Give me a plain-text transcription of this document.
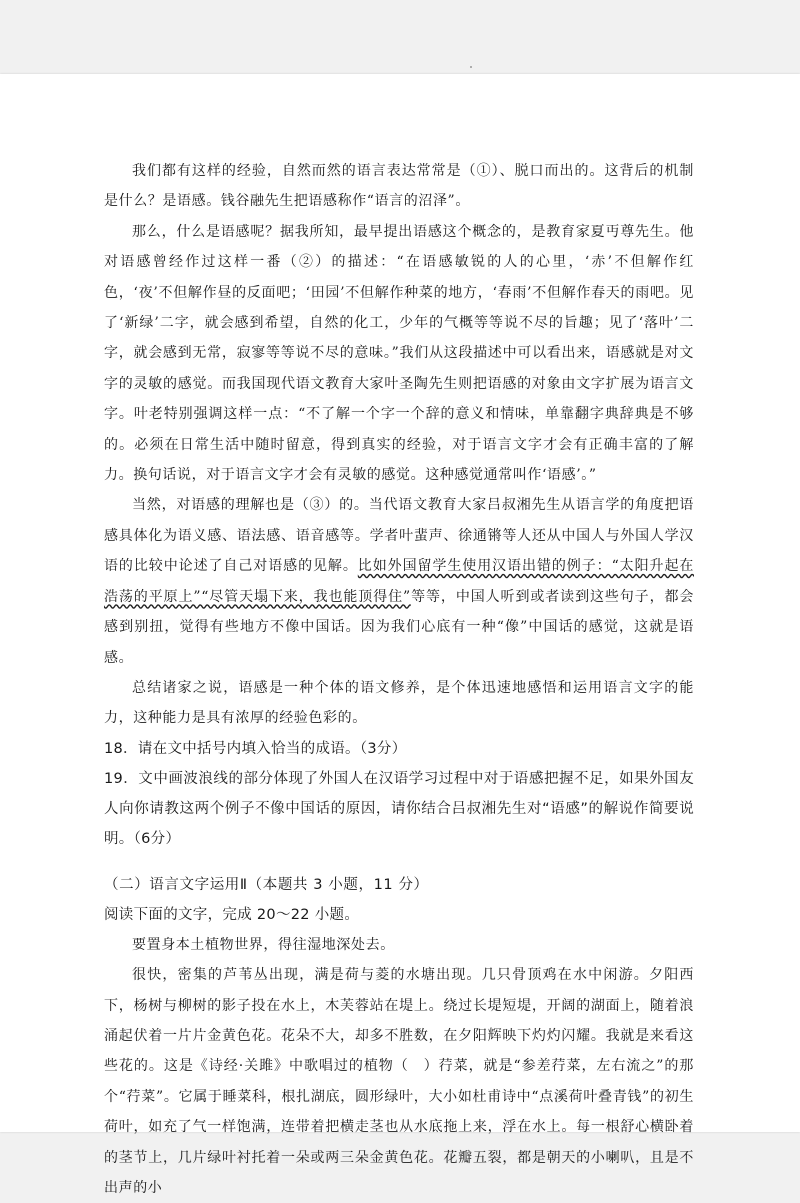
我们都有这样的经验，自然而然的语言表达常常是（①）、脱口而出的。这背后的机制是什么？是语感。钱谷融先生把语感称作“语言的沼泽”。

那么，什么是语感呢？据我所知，最早提出语感这个概念的，是教育家夏丏尊先生。他对语感曾经作过这样一番（②）的描述：“在语感敏锐的人的心里，‘赤’不但解作红色，‘夜’不但解作昼的反面吧；‘田园’不但解作种菜的地方，‘春雨’不但解作春天的雨吧。见了‘新绿’二字，就会感到希望，自然的化工，少年的气概等等说不尽的旨趣；见了‘落叶’二字，就会感到无常，寂寥等等说不尽的意味。”我们从这段描述中可以看出来，语感就是对文字的灵敏的感觉。而我国现代语文教育大家叶圣陶先生则把语感的对象由文字扩展为语言文字。叶老特别强调这样一点：“不了解一个字一个辞的意义和情味，单靠翻字典辞典是不够的。必须在日常生活中随时留意，得到真实的经验，对于语言文字才会有正确丰富的了解力。换句话说，对于语言文字才会有灵敏的感觉。这种感觉通常叫作‘语感’。”

当然，对语感的理解也是（③）的。当代语文教育大家吕叔湘先生从语言学的角度把语感具体化为语义感、语法感、语音感等。学者叶蜚声、徐通锵等人还从中国人与外国人学汉语的比较中论述了自己对语感的见解。比如外国留学生使用汉语出错的例子：“太阳升起在浩荡的平原上”“尽管天塌下来，我也能顶得住”等等，中国人听到或者读到这些句子，都会感到别扭，觉得有些地方不像中国话。因为我们心底有一种“像”中国话的感觉，这就是语感。

总结诸家之说，语感是一种个体的语文修养，是个体迅速地感悟和运用语言文字的能力，这种能力是具有浓厚的经验色彩的。

18．请在文中括号内填入恰当的成语。（3分）

19．文中画波浪线的部分体现了外国人在汉语学习过程中对于语感把握不足，如果外国友人向你请教这两个例子不像中国话的原因，请你结合吕叔湘先生对“语感”的解说作简要说明。（6分）

（二）语言文字运用Ⅱ（本题共 3 小题，11 分）

阅读下面的文字，完成 20～22 小题。

要置身本土植物世界，得往湿地深处去。

很快，密集的芦苇丛出现，满是荷与菱的水塘出现。几只骨顶鸡在水中闲游。夕阳西下，杨树与柳树的影子投在水上，木芙蓉站在堤上。绕过长堤短堤，开阔的湖面上，随着浪涌起伏着一片片金黄色花。花朵不大，却多不胜数，在夕阳辉映下灼灼闪耀。我就是来看这些花的。这是《诗经·关雎》中歌唱过的植物（　）荇菜，就是“参差荇菜，左右流之”的那个“荇菜”。它属于睡菜科，根扎湖底，圆形绿叶，大小如杜甫诗中“点溪荷叶叠青钱”的初生荷叶，如充了气一样饱满，连带着把横走茎也从水底拖上来，浮在水上。每一根舒心横卧着的茎节上，几片绿叶衬托着一朵或两三朵金黄色花。花瓣五裂，都是朝天的小喇叭，且是不出声的小
